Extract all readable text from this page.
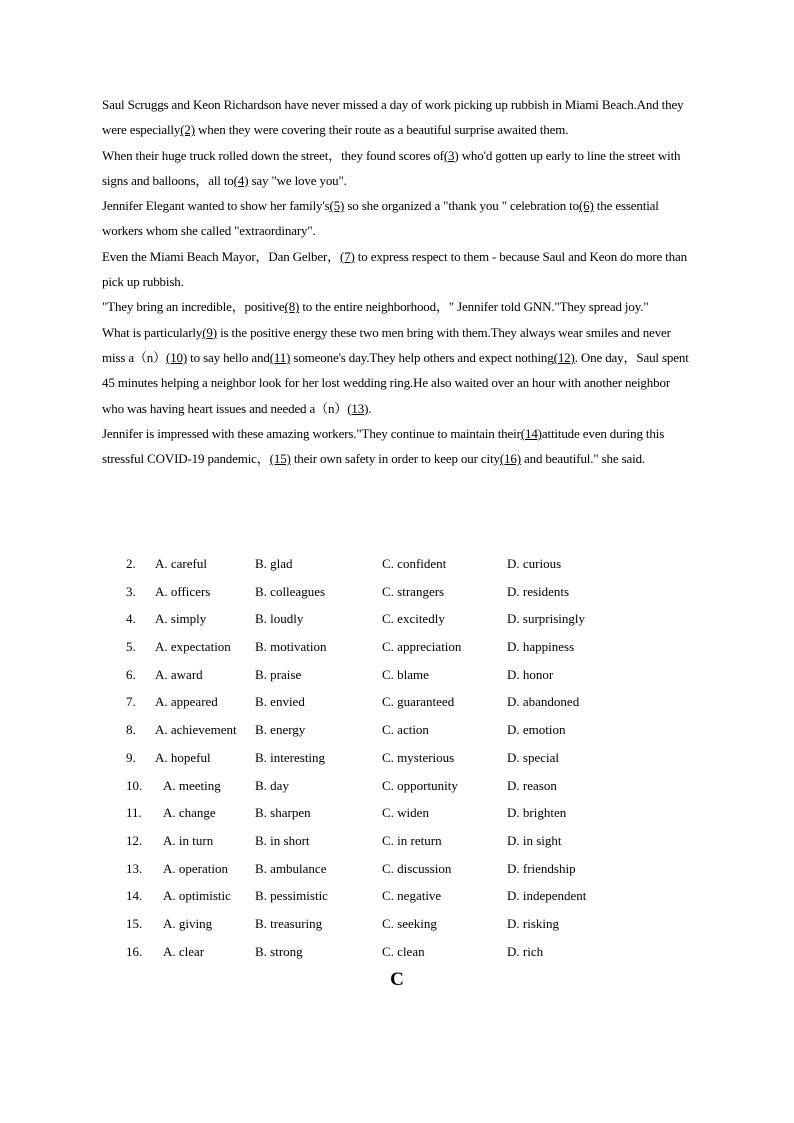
Saul Scruggs and Keon Richardson have never missed a day of work picking up rubbish in Miami Beach.And they were especially(2) when they were covering their route as a beautiful surprise awaited them.

When their huge truck rolled down the street，they found scores of(3) who'd gotten up early to line the street with signs and balloons，all to(4) say "we love you".

Jennifer Elegant wanted to show her family's(5) so she organized a "thank you " celebration to(6) the essential workers whom she called "extraordinary".

Even the Miami Beach Mayor，Dan Gelber，(7) to express respect to them - because Saul and Keon do more than pick up rubbish.

"They bring an incredible，positive(8) to the entire neighborhood，" Jennifer told GNN."They spread joy."

What is particularly(9) is the positive energy these two men bring with them.They always wear smiles and never miss a（n）(10) to say hello and(11) someone's day.They help others and expect nothing(12). One day，Saul spent 45 minutes helping a neighbor look for her lost wedding ring.He also waited over an hour with another neighbor who was having heart issues and needed a（n）(13).

Jennifer is impressed with these amazing workers."They continue to maintain their(14)attitude even during this stressful COVID-19 pandemic，(15) their own safety in order to keep our city(16) and beautiful." she said.

2. A. careful	B. glad	C. confident	D. curious
3. A. officers	B. colleagues	C. strangers	D. residents
4. A. simply	B. loudly	C. excitedly	D. surprisingly
5. A. expectation B. motivation	C. appreciation	D. happiness
6. A. award	B. praise	C. blame	D. honor
7. A. appeared	B. envied	C. guaranteed	D. abandoned
8. A. achievement B. energy	C. action	D. emotion
9. A. hopeful	B. interesting	C. mysterious	D. special
10. A. meeting	B. day	C. opportunity	D. reason
11. A. change	B. sharpen	C. widen	D. brighten
12. A. in turn	B. in short	C. in return	D. in sight
13. A. operation B. ambulance	C. discussion	D. friendship
14. A. optimistic B. pessimistic	C. negative	D. independent
15. A. giving	B. treasuring	C. seeking	D. risking
16. A. clear	B. strong	C. clean	D. rich
C
